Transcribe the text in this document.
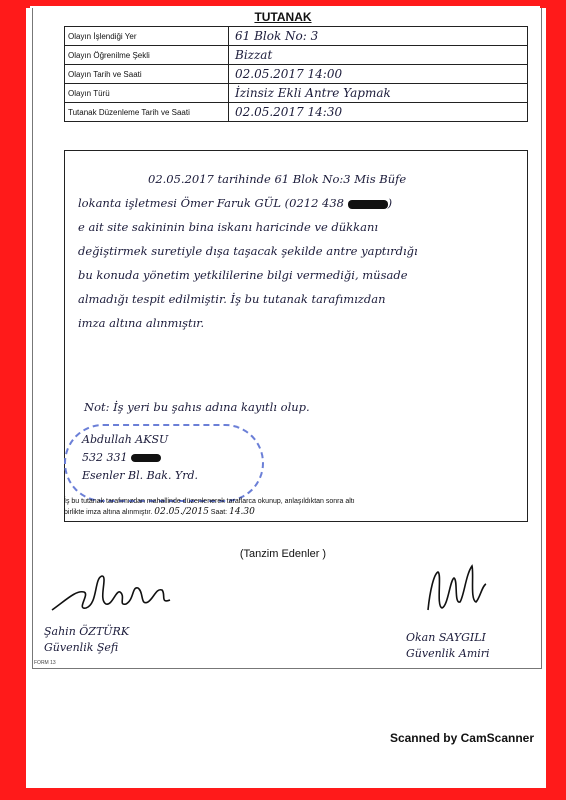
TUTANAK
Olayın İşlendiği Yer	61 Blok No: 3
Olayın Öğrenilme Şekli	Bizzat
Olayın Tarih ve Saati	02.05.2017 14:00
Olayın Türü	İzinsiz Ekli Antre Yapmak
Tutanak Düzenleme Tarih ve Saati	02.05.2017 14:30
02.05.2017 tarihinde 61 Blok No:3 Mis Büfe
lokanta işletmesi Ömer Faruk GÜL (0212 438	)
e ait site sakininin bina iskanı haricinde ve dükkanı
değiştirmek suretiyle dışa taşacak şekilde antre yaptırdığı
bu konuda yönetim yetkililerine bilgi vermediği, müsade
almadığı tespit edilmiştir. İş bu tutanak tarafımızdan
imza altına alınmıştır.
Not: İş yeri bu şahıs adına kayıtlı olup.
Abdullah AKSU
532 331
Esenler Bl. Bak. Yrd.
İş bu tutanak tarafımızdan mahallinde düzenlenerek taraflarca okunup, anlaşıldıktan sonra altı
birlikte imza altına alınmıştır. 02.05./2015 Saat: 14.30
(Tanzim Edenler )
Şahin ÖZTÜRK
Güvenlik Şefi
Okan SAYGILI
Güvenlik Amiri
FORM 13
Scanned by CamScanner
